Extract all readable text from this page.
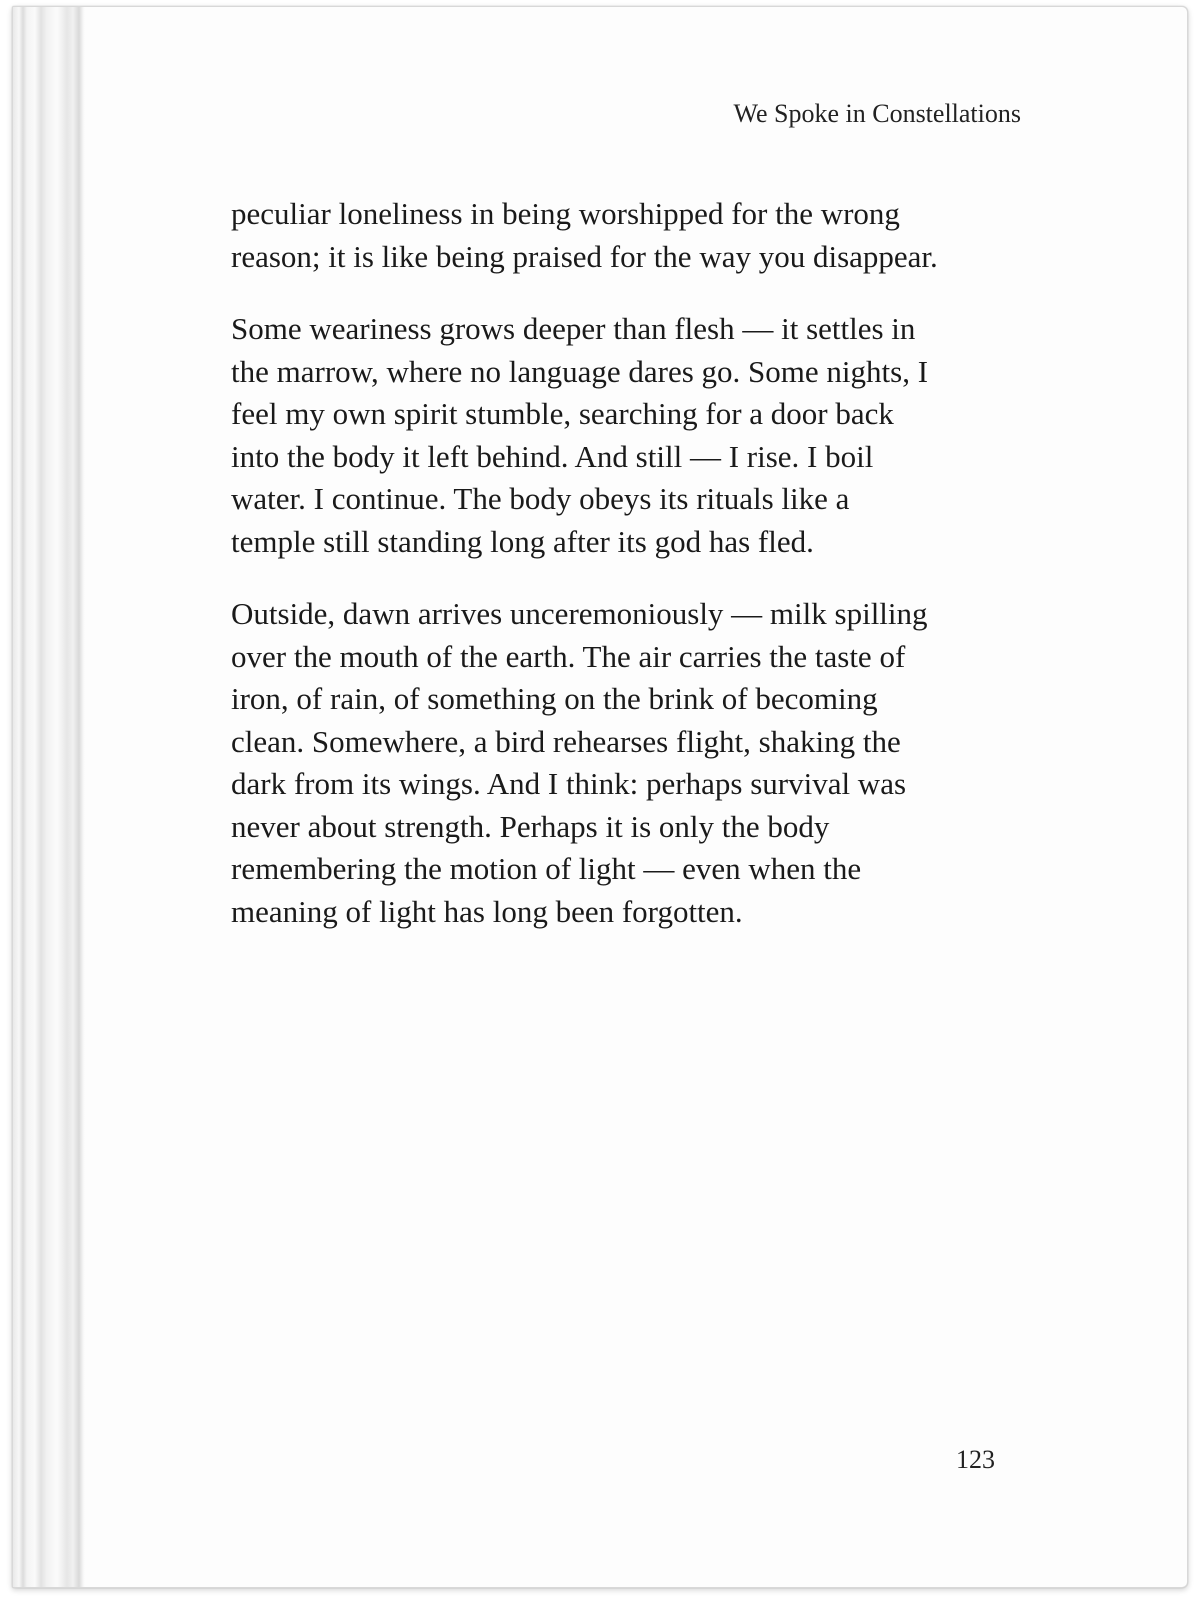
We Spoke in Constellations

peculiar loneliness in being worshipped for the wrong
reason; it is like being praised for the way you disappear.

Some weariness grows deeper than flesh — it settles in
the marrow, where no language dares go. Some nights, I
feel my own spirit stumble, searching for a door back
into the body it left behind. And still — I rise. I boil
water. I continue. The body obeys its rituals like a
temple still standing long after its god has fled.

Outside, dawn arrives unceremoniously — milk spilling
over the mouth of the earth. The air carries the taste of
iron, of rain, of something on the brink of becoming
clean. Somewhere, a bird rehearses flight, shaking the
dark from its wings. And I think: perhaps survival was
never about strength. Perhaps it is only the body
remembering the motion of light — even when the
meaning of light has long been forgotten.

123
